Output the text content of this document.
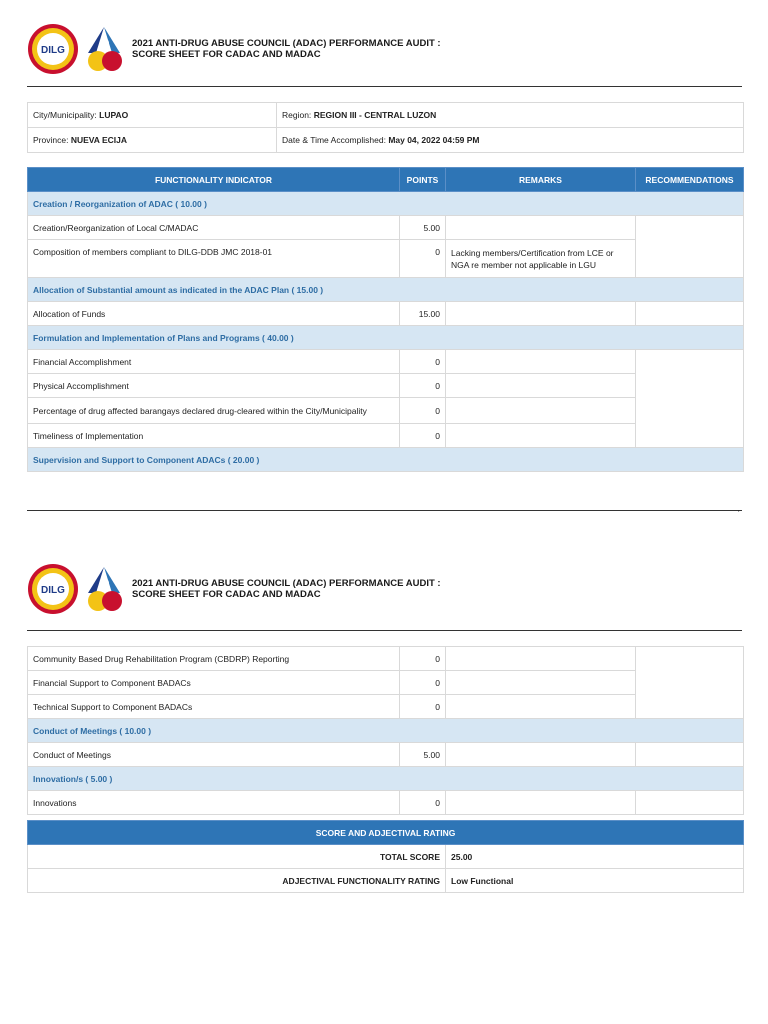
DILG
2021 ANTI-DRUG ABUSE COUNCIL (ADAC) PERFORMANCE AUDIT :
SCORE SHEET FOR CADAC AND MADAC
City/Municipality: LUPAO	Region: REGION III - CENTRAL LUZON
Province: NUEVA ECIJA	Date & Time Accomplished: May 04, 2022 04:59 PM
FUNCTIONALITY INDICATOR	POINTS	REMARKS	RECOMMENDATIONS
Creation / Reorganization of ADAC ( 10.00 )			
Creation/Reorganization of Local C/MADAC	5.00		
Composition of members compliant to DILG-DDB JMC 2018-01	0	Lacking members/Certification from LCE or NGA re member not applicable in LGU	
Allocation of Substantial amount as indicated in the ADAC Plan ( 15.00 )			
Allocation of Funds	15.00		
Formulation and Implementation of Plans and Programs ( 40.00 )			
Financial Accomplishment	0		
Physical Accomplishment	0		
Percentage of drug affected barangays declared drug-cleared within the City/Municipality	0		
Timeliness of Implementation	0		
Supervision and Support to Component ADACs ( 20.00 )			
'
DILG
2021 ANTI-DRUG ABUSE COUNCIL (ADAC) PERFORMANCE AUDIT :
SCORE SHEET FOR CADAC AND MADAC
Community Based Drug Rehabilitation Program (CBDRP) Reporting	0		
Financial Support to Component BADACs	0		
Technical Support to Component BADACs	0		
Conduct of Meetings ( 10.00 )			
Conduct of Meetings	5.00		
Innovation/s ( 5.00 )			
Innovations	0		
SCORE AND ADJECTIVAL RATING	
TOTAL SCORE	25.00
ADJECTIVAL FUNCTIONALITY RATING	Low Functional
